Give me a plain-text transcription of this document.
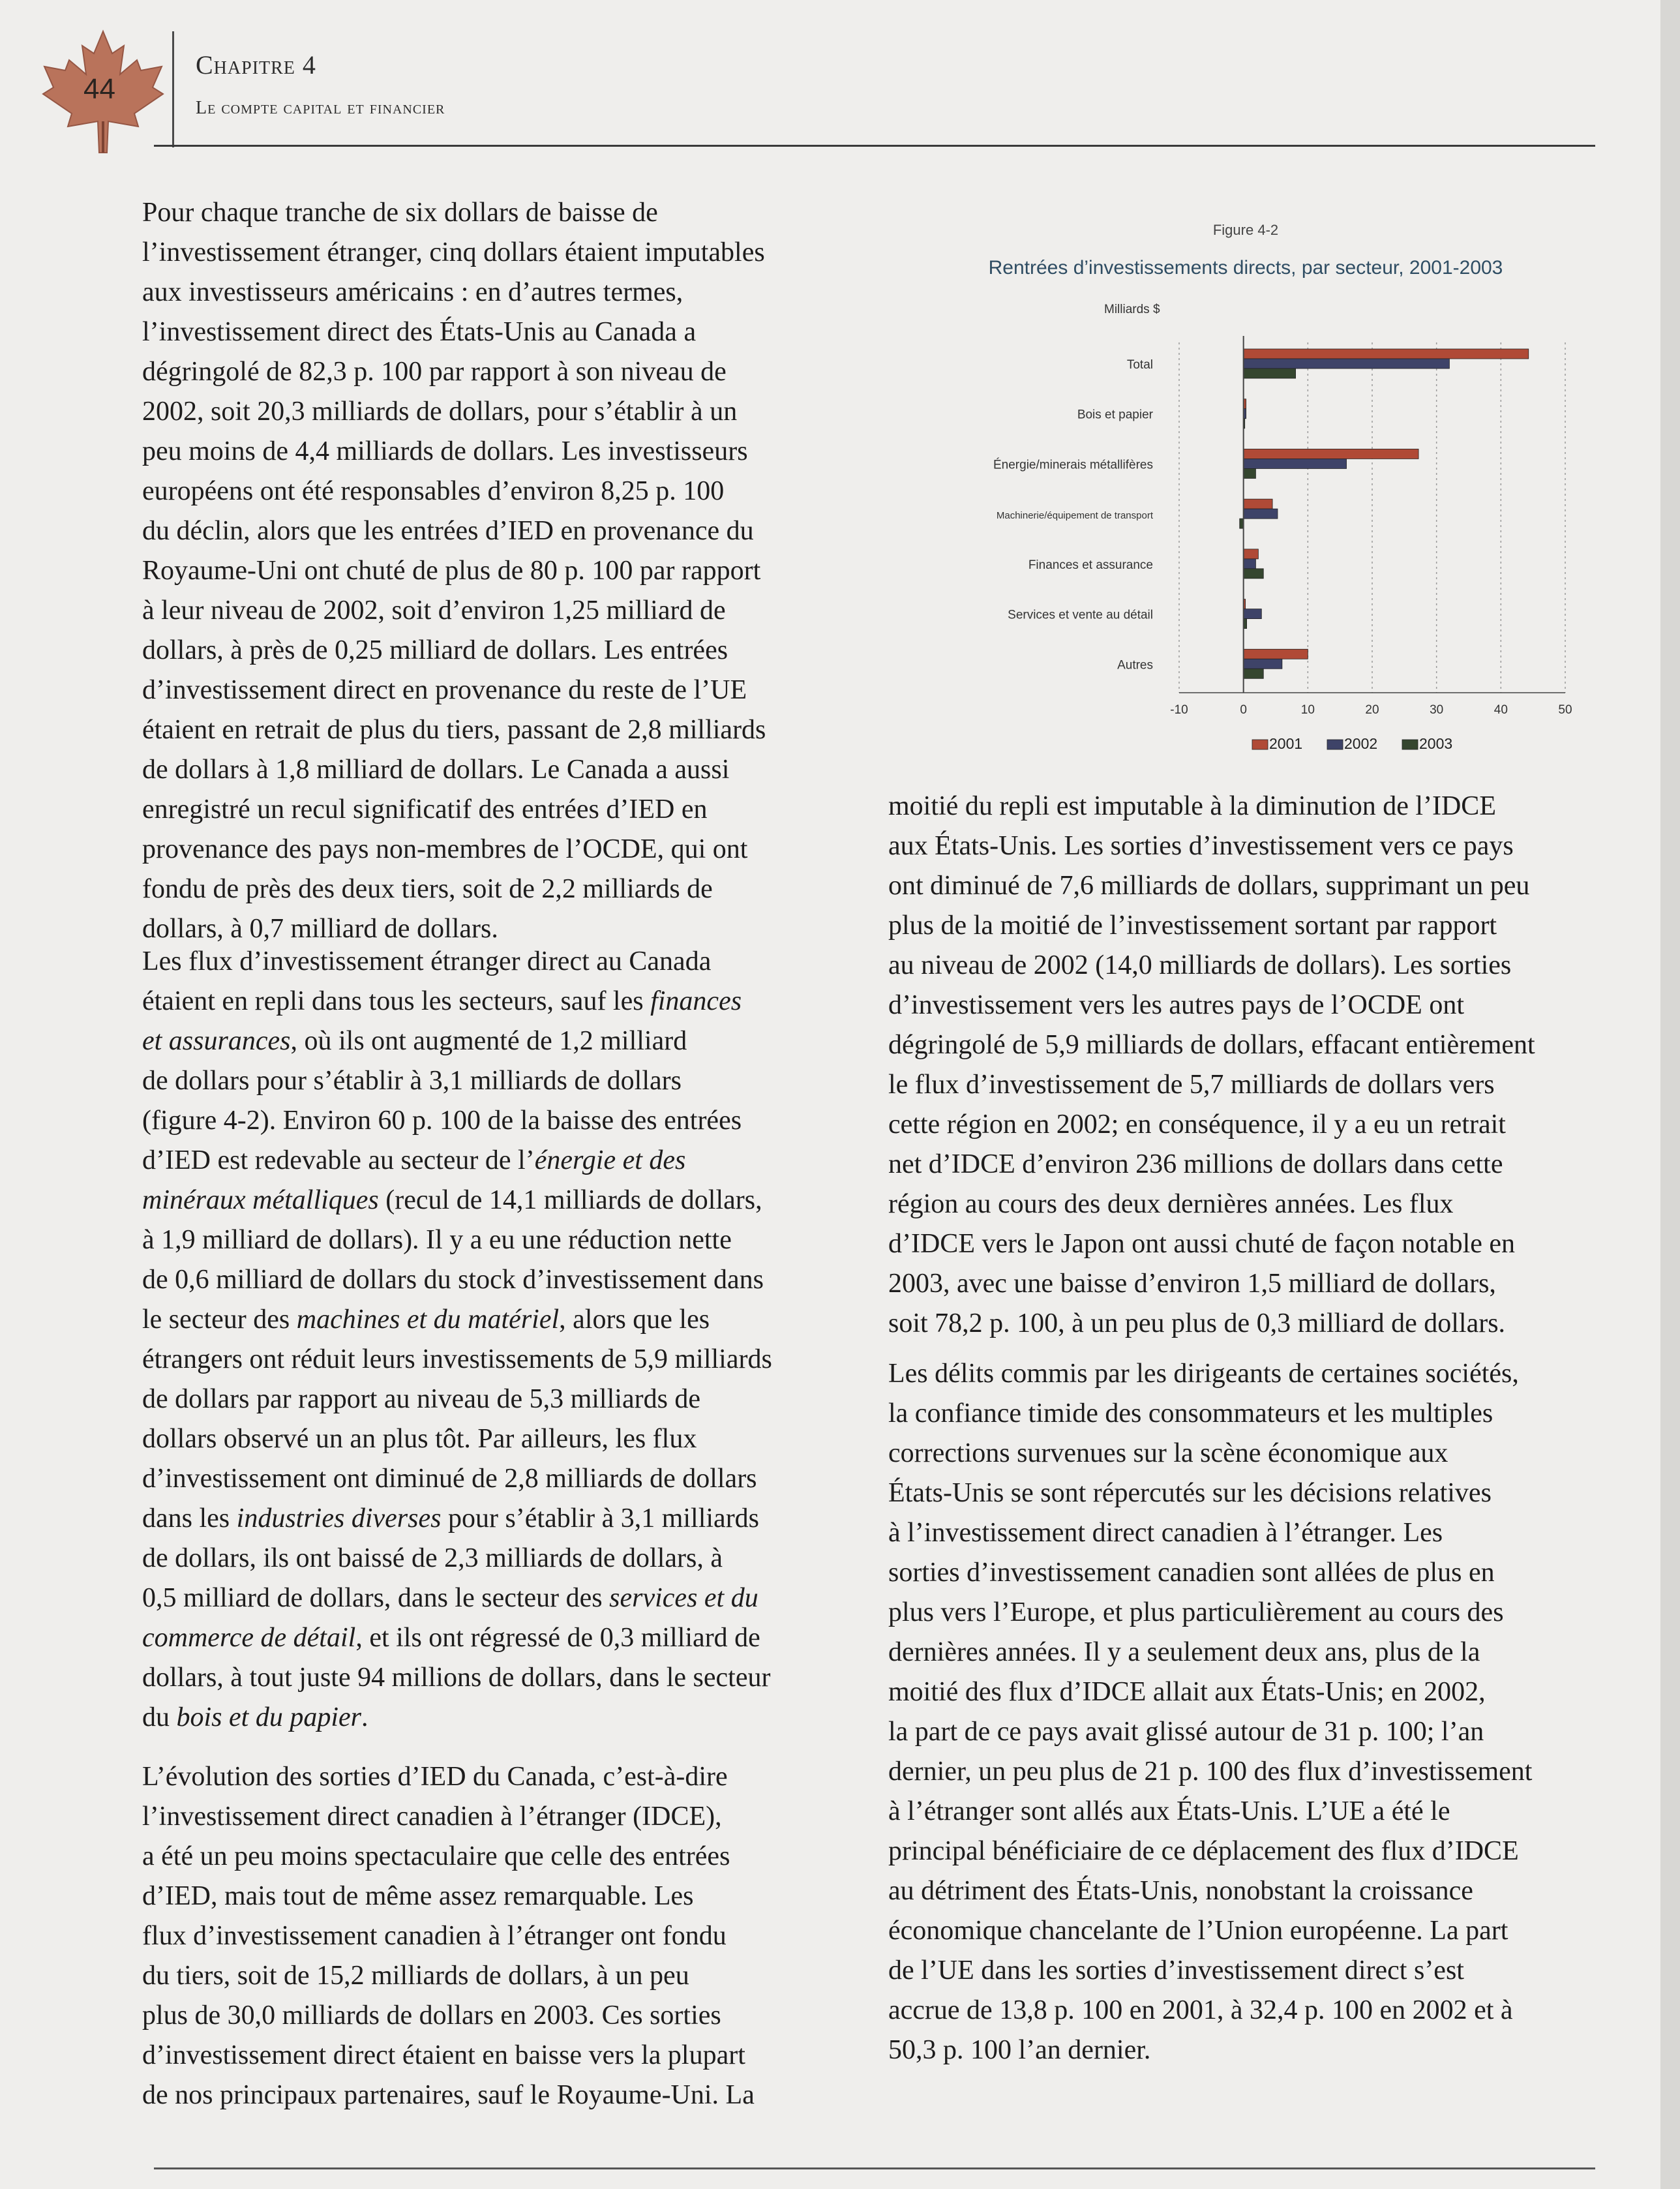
44
Chapitre 4
Le compte capital et financier

Pour chaque tranche de six dollars de baisse de
l’investissement étranger, cinq dollars étaient imputables
aux investisseurs américains : en d’autres termes,
l’investissement direct des États-Unis au Canada a
dégringolé de 82,3 p. 100 par rapport à son niveau de
2002, soit 20,3 milliards de dollars, pour s’établir à un
peu moins de 4,4 milliards de dollars. Les investisseurs
européens ont été responsables d’environ 8,25 p. 100
du déclin, alors que les entrées d’IED en provenance du
Royaume-Uni ont chuté de plus de 80 p. 100 par rapport
à leur niveau de 2002, soit d’environ 1,25 milliard de
dollars, à près de 0,25 milliard de dollars. Les entrées
d’investissement direct en provenance du reste de l’UE
étaient en retrait de plus du tiers, passant de 2,8 milliards
de dollars à 1,8 milliard de dollars. Le Canada a aussi
enregistré un recul significatif des entrées d’IED en
provenance des pays non-membres de l’OCDE, qui ont
fondu de près des deux tiers, soit de 2,2 milliards de
dollars, à 0,7 milliard de dollars.

Les flux d’investissement étranger direct au Canada
étaient en repli dans tous les secteurs, sauf les finances
et assurances, où ils ont augmenté de 1,2 milliard
de dollars pour s’établir à 3,1 milliards de dollars
(figure 4-2). Environ 60 p. 100 de la baisse des entrées
d’IED est redevable au secteur de l’énergie et des
minéraux métalliques (recul de 14,1 milliards de dollars,
à 1,9 milliard de dollars). Il y a eu une réduction nette
de 0,6 milliard de dollars du stock d’investissement dans
le secteur des machines et du matériel, alors que les
étrangers ont réduit leurs investissements de 5,9 milliards
de dollars par rapport au niveau de 5,3 milliards de
dollars observé un an plus tôt. Par ailleurs, les flux
d’investissement ont diminué de 2,8 milliards de dollars
dans les industries diverses pour s’établir à 3,1 milliards
de dollars, ils ont baissé de 2,3 milliards de dollars, à
0,5 milliard de dollars, dans le secteur des services et du
commerce de détail, et ils ont régressé de 0,3 milliard de
dollars, à tout juste 94 millions de dollars, dans le secteur
du bois et du papier.

L’évolution des sorties d’IED du Canada, c’est-à-dire
l’investissement direct canadien à l’étranger (IDCE),
a été un peu moins spectaculaire que celle des entrées
d’IED, mais tout de même assez remarquable. Les
flux d’investissement canadien à l’étranger ont fondu
du tiers, soit de 15,2 milliards de dollars, à un peu
plus de 30,0 milliards de dollars en 2003. Ces sorties
d’investissement direct étaient en baisse vers la plupart
de nos principaux partenaires, sauf le Royaume-Uni. La

moitié du repli est imputable à la diminution de l’IDCE
aux États-Unis. Les sorties d’investissement vers ce pays
ont diminué de 7,6 milliards de dollars, supprimant un peu
plus de la moitié de l’investissement sortant par rapport
au niveau de 2002 (14,0 milliards de dollars). Les sorties
d’investissement vers les autres pays de l’OCDE ont
dégringolé de 5,9 milliards de dollars, effacant entièrement
le flux d’investissement de 5,7 milliards de dollars vers
cette région en 2002; en conséquence, il y a eu un retrait
net d’IDCE d’environ 236 millions de dollars dans cette
région au cours des deux dernières années. Les flux
d’IDCE vers le Japon ont aussi chuté de façon notable en
2003, avec une baisse d’environ 1,5 milliard de dollars,
soit 78,2 p. 100, à un peu plus de 0,3 milliard de dollars.

Les délits commis par les dirigeants de certaines sociétés,
la confiance timide des consommateurs et les multiples
corrections survenues sur la scène économique aux
États-Unis se sont répercutés sur les décisions relatives
à l’investissement direct canadien à l’étranger. Les
sorties d’investissement canadien sont allées de plus en
plus vers l’Europe, et plus particulièrement au cours des
dernières années. Il y a seulement deux ans, plus de la
moitié des flux d’IDCE allait aux États-Unis; en 2002,
la part de ce pays avait glissé autour de 31 p. 100; l’an
dernier, un peu plus de 21 p. 100 des flux d’investissement
à l’étranger sont allés aux États-Unis. L’UE a été le
principal bénéficiaire de ce déplacement des flux d’IDCE
au détriment des États-Unis, nonobstant la croissance
économique chancelante de l’Union européenne. La part
de l’UE dans les sorties d’investissement direct s’est
accrue de 13,8 p. 100 en 2001, à 32,4 p. 100 en 2002 et à
50,3 p. 100 l’an dernier.

Figure 4-2
Rentrées d’investissements directs, par secteur, 2001-2003
Milliards $
Total
Bois et papier
Énergie/minerais métallifères
Machinerie/équipement de transport
Finances et assurance
Services et vente au détail
Autres
-10	0	10	20	30	40	50
2001	2002	2003
